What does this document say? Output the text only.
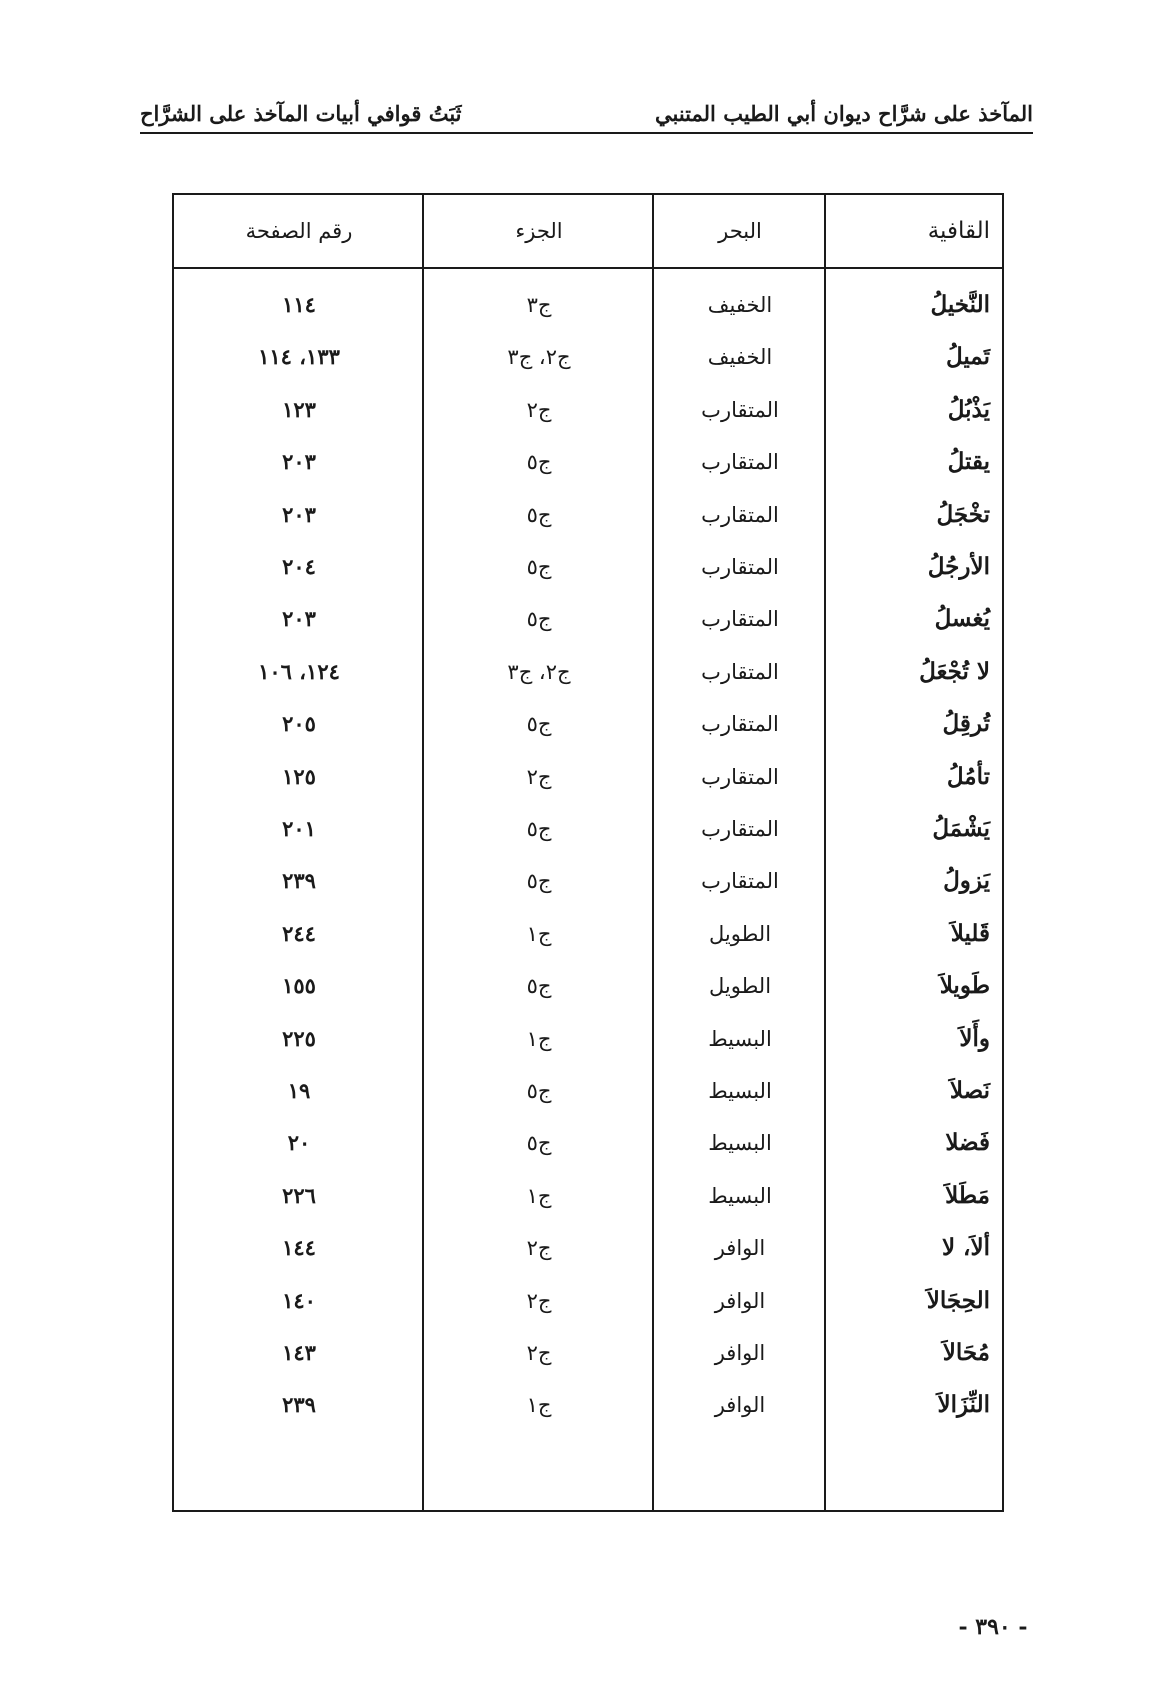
المآخذ على شرَّاح ديوان أبي الطيب المتنبي
ثَبَتُ قوافي أبيات المآخذ على الشرَّاح
القافية
البحر
الجزء
رقم الصفحة
النَّخيلُ
الخفيف
ج٣
١١٤
تَميلُ
الخفيف
ج٢، ج٣
١٣٣، ١١٤
يَذْبُلُ
المتقارب
ج٢
١٢٣
يقتلُ
المتقارب
ج٥
٢٠٣
تخْجَلُ
المتقارب
ج٥
٢٠٣
الأرجُلُ
المتقارب
ج٥
٢٠٤
يُغسلُ
المتقارب
ج٥
٢٠٣
لا تُجْعَلُ
المتقارب
ج٢، ج٣
١٢٤، ١٠٦
تُرقِلُ
المتقارب
ج٥
٢٠٥
تأمُلُ
المتقارب
ج٢
١٢٥
يَشْمَلُ
المتقارب
ج٥
٢٠١
يَزولُ
المتقارب
ج٥
٢٣٩
قَليلاَ
الطويل
ج١
٢٤٤
طَويلاَ
الطويل
ج٥
١٥٥
وأَلاَ
البسيط
ج١
٢٢٥
نَصلاَ
البسيط
ج٥
١٩
فَضلا
البسيط
ج٥
٢٠
مَطَلاَ
البسيط
ج١
٢٢٦
ألاَ، لا
الوافر
ج٢
١٤٤
الحِجَالاَ
الوافر
ج٢
١٤٠
مُحَالاَ
الوافر
ج٢
١٤٣
النِّزَالاَ
الوافر
ج١
٢٣٩
- ٣٩٠ -
